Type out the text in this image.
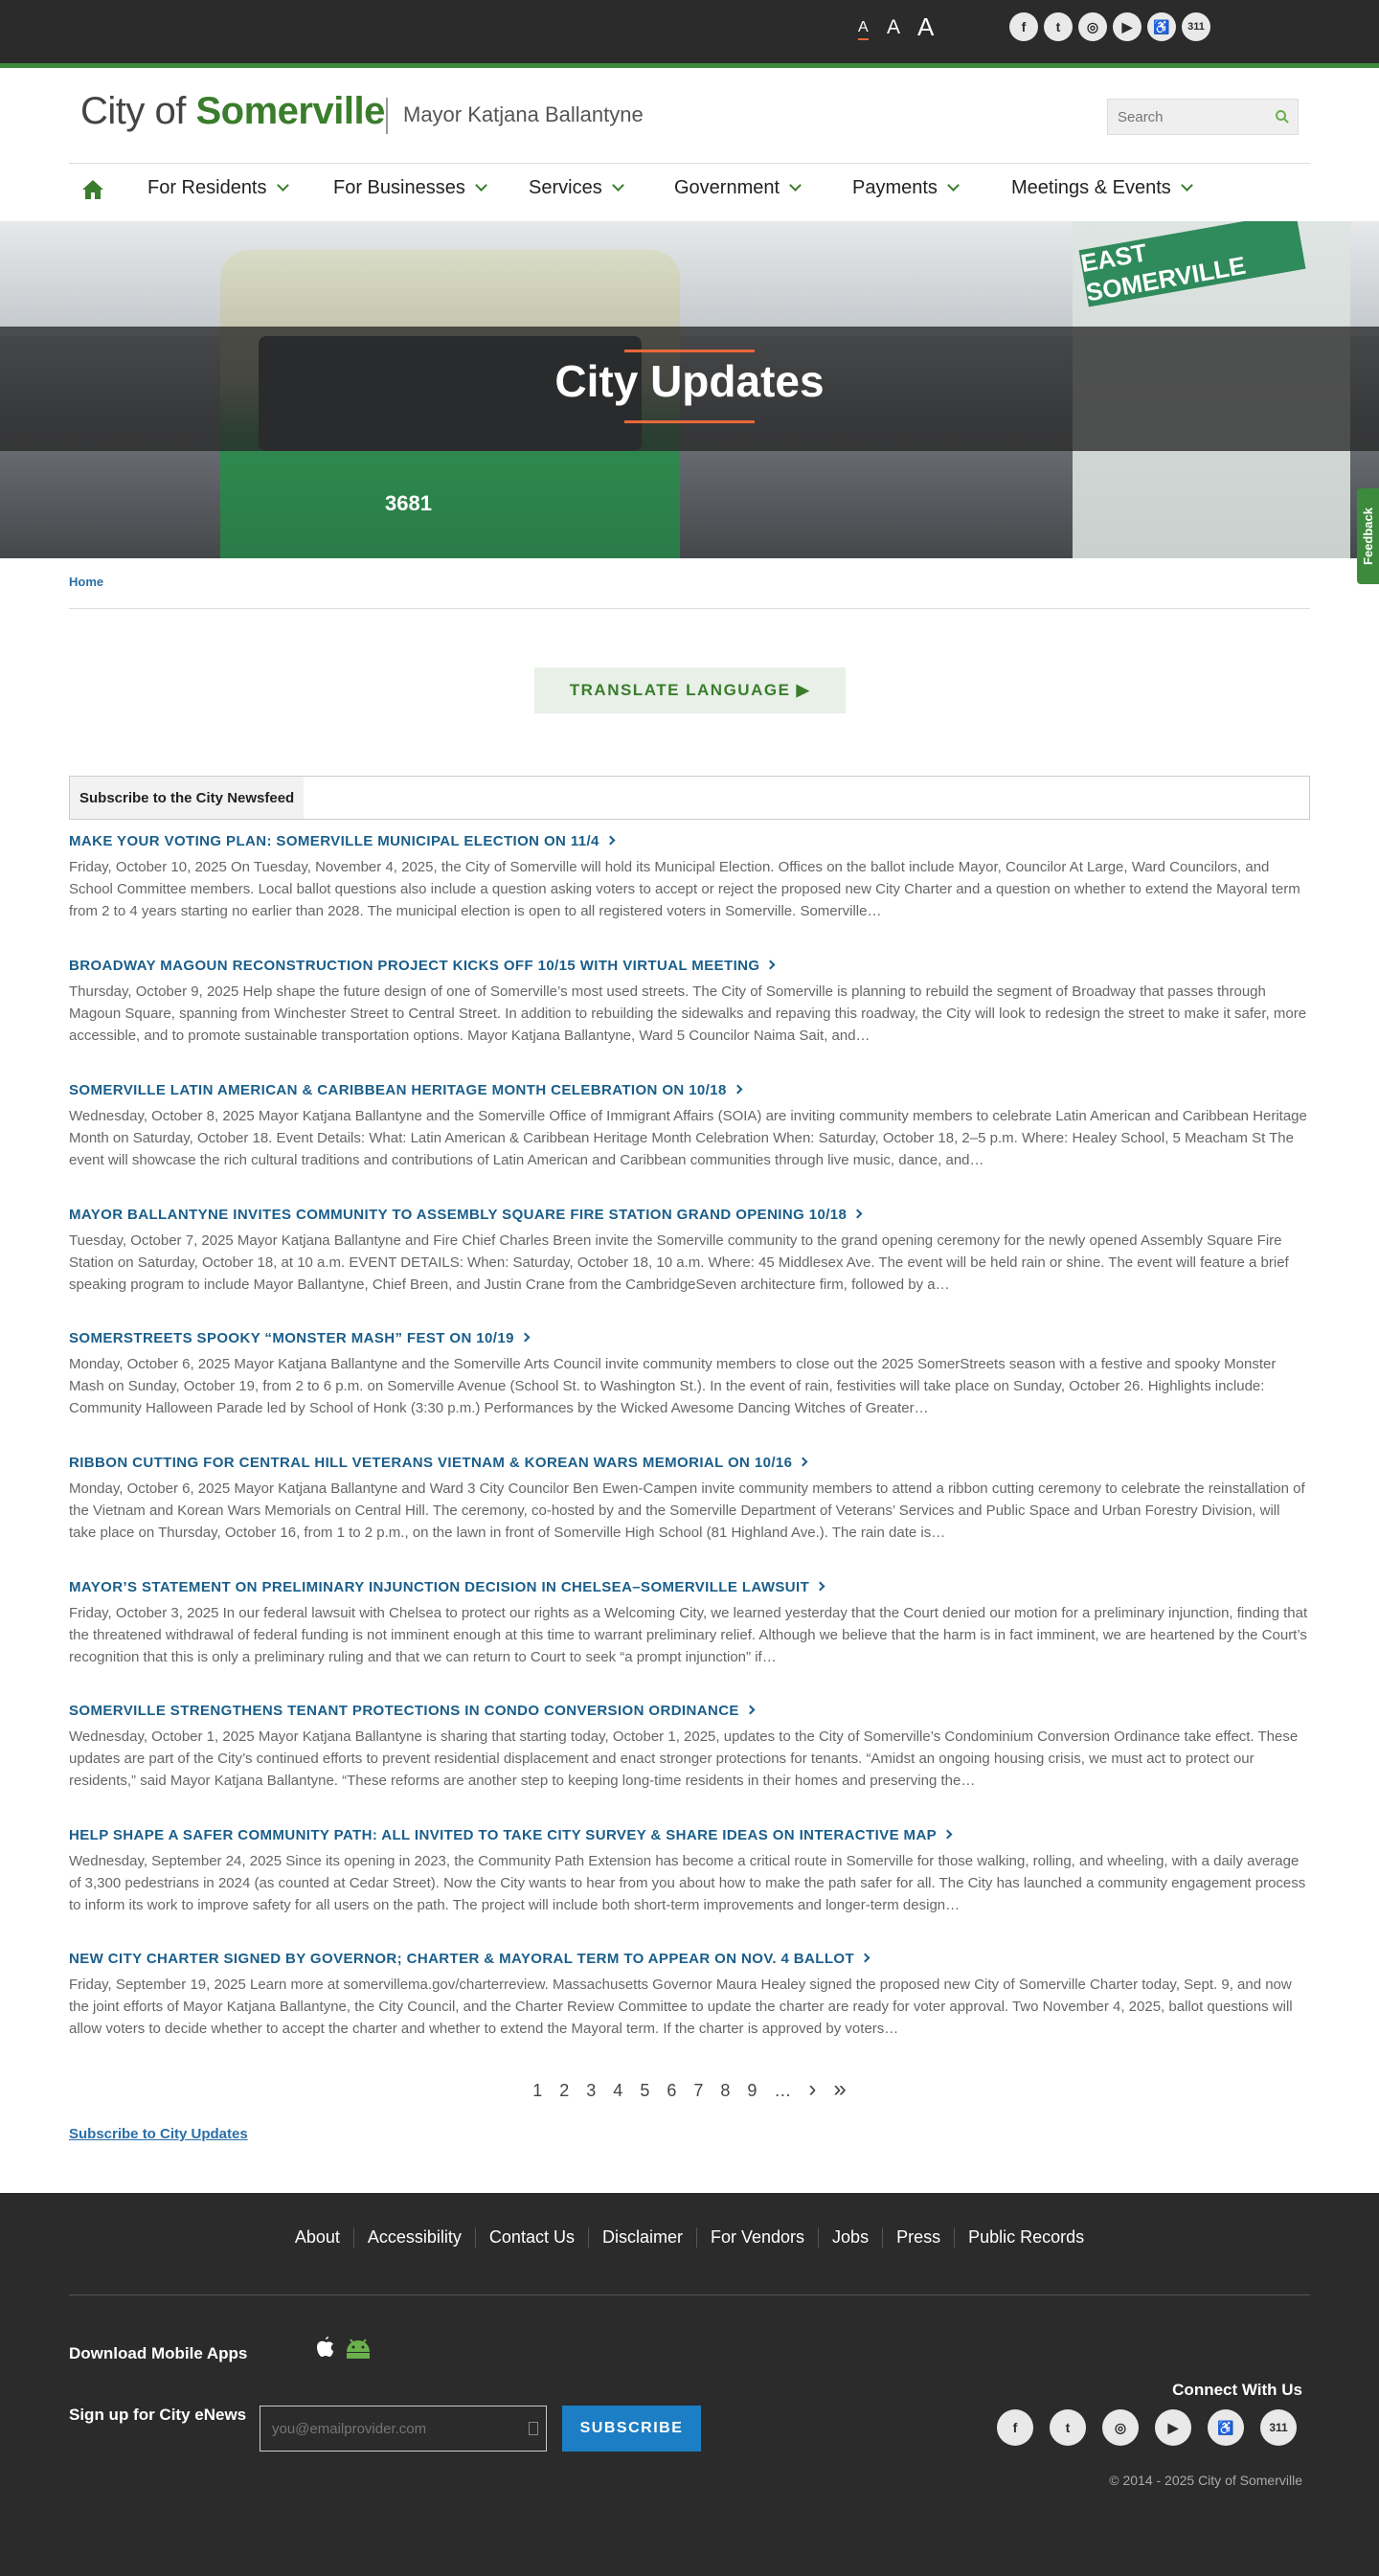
A A A	f	t	◎	▶	♿	311
City of Somerville Mayor Katjana Ballantyne
Search
For Residents	For Businesses	Services	Government	Payments	Meetings & Events
3681
EAST SOMERVILLE
City Updates
Feedback
Home
TRANSLATE LANGUAGE ▶
Subscribe to the City Newsfeed
MAKE YOUR VOTING PLAN: SOMERVILLE MUNICIPAL ELECTION ON 11/4
Friday, October 10, 2025 On Tuesday, November 4, 2025, the City of Somerville will hold its Municipal Election. Offices on the ballot include Mayor, Councilor At Large, Ward Councilors, and School Committee members. Local ballot questions also include a question asking voters to accept or reject the proposed new City Charter and a question on whether to extend the Mayoral term from 2 to 4 years starting no earlier than 2028. The municipal election is open to all registered voters in Somerville. Somerville…
BROADWAY MAGOUN RECONSTRUCTION PROJECT KICKS OFF 10/15 WITH VIRTUAL MEETING
Thursday, October 9, 2025 Help shape the future design of one of Somerville’s most used streets. The City of Somerville is planning to rebuild the segment of Broadway that passes through Magoun Square, spanning from Winchester Street to Central Street. In addition to rebuilding the sidewalks and repaving this roadway, the City will look to redesign the street to make it safer, more accessible, and to promote sustainable transportation options. Mayor Katjana Ballantyne, Ward 5 Councilor Naima Sait, and…
SOMERVILLE LATIN AMERICAN & CARIBBEAN HERITAGE MONTH CELEBRATION ON 10/18
Wednesday, October 8, 2025 Mayor Katjana Ballantyne and the Somerville Office of Immigrant Affairs (SOIA) are inviting community members to celebrate Latin American and Caribbean Heritage Month on Saturday, October 18. Event Details: What: Latin American & Caribbean Heritage Month Celebration When: Saturday, October 18, 2–5 p.m. Where: Healey School, 5 Meacham St The event will showcase the rich cultural traditions and contributions of Latin American and Caribbean communities through live music, dance, and…
MAYOR BALLANTYNE INVITES COMMUNITY TO ASSEMBLY SQUARE FIRE STATION GRAND OPENING 10/18
Tuesday, October 7, 2025 Mayor Katjana Ballantyne and Fire Chief Charles Breen invite the Somerville community to the grand opening ceremony for the newly opened Assembly Square Fire Station on Saturday, October 18, at 10 a.m. EVENT DETAILS: When: Saturday, October 18, 10 a.m. Where: 45 Middlesex Ave. The event will be held rain or shine. The event will feature a brief speaking program to include Mayor Ballantyne, Chief Breen, and Justin Crane from the CambridgeSeven architecture firm, followed by a…
SOMERSTREETS SPOOKY “MONSTER MASH” FEST ON 10/19
Monday, October 6, 2025 Mayor Katjana Ballantyne and the Somerville Arts Council invite community members to close out the 2025 SomerStreets season with a festive and spooky Monster Mash on Sunday, October 19, from 2 to 6 p.m. on Somerville Avenue (School St. to Washington St.). In the event of rain, festivities will take place on Sunday, October 26. Highlights include: Community Halloween Parade led by School of Honk (3:30 p.m.) Performances by the Wicked Awesome Dancing Witches of Greater…
RIBBON CUTTING FOR CENTRAL HILL VETERANS VIETNAM & KOREAN WARS MEMORIAL ON 10/16
Monday, October 6, 2025 Mayor Katjana Ballantyne and Ward 3 City Councilor Ben Ewen-Campen invite community members to attend a ribbon cutting ceremony to celebrate the reinstallation of the Vietnam and Korean Wars Memorials on Central Hill. The ceremony, co-hosted by and the Somerville Department of Veterans’ Services and Public Space and Urban Forestry Division, will take place on Thursday, October 16, from 1 to 2 p.m., on the lawn in front of Somerville High School (81 Highland Ave.). The rain date is…
MAYOR’S STATEMENT ON PRELIMINARY INJUNCTION DECISION IN CHELSEA–SOMERVILLE LAWSUIT
Friday, October 3, 2025 In our federal lawsuit with Chelsea to protect our rights as a Welcoming City, we learned yesterday that the Court denied our motion for a preliminary injunction, finding that the threatened withdrawal of federal funding is not imminent enough at this time to warrant preliminary relief. Although we believe that the harm is in fact imminent, we are heartened by the Court’s recognition that this is only a preliminary ruling and that we can return to Court to seek “a prompt injunction” if…
SOMERVILLE STRENGTHENS TENANT PROTECTIONS IN CONDO CONVERSION ORDINANCE
Wednesday, October 1, 2025 Mayor Katjana Ballantyne is sharing that starting today, October 1, 2025, updates to the City of Somerville’s Condominium Conversion Ordinance take effect. These updates are part of the City’s continued efforts to prevent residential displacement and enact stronger protections for tenants. “Amidst an ongoing housing crisis, we must act to protect our residents,” said Mayor Katjana Ballantyne. “These reforms are another step to keeping long-time residents in their homes and preserving the…
HELP SHAPE A SAFER COMMUNITY PATH: ALL INVITED TO TAKE CITY SURVEY & SHARE IDEAS ON INTERACTIVE MAP
Wednesday, September 24, 2025 Since its opening in 2023, the Community Path Extension has become a critical route in Somerville for those walking, rolling, and wheeling, with a daily average of 3,300 pedestrians in 2024 (as counted at Cedar Street). Now the City wants to hear from you about how to make the path safer for all. The City has launched a community engagement process to inform its work to improve safety for all users on the path. The project will include both short-term improvements and longer-term design…
NEW CITY CHARTER SIGNED BY GOVERNOR; CHARTER & MAYORAL TERM TO APPEAR ON NOV. 4 BALLOT
Friday, September 19, 2025 Learn more at somervillema.gov/charterreview. Massachusetts Governor Maura Healey signed the proposed new City of Somerville Charter today, Sept. 9, and now the joint efforts of Mayor Katjana Ballantyne, the City Council, and the Charter Review Committee to update the charter are ready for voter approval. Two November 4, 2025, ballot questions will allow voters to decide whether to accept the charter and whether to extend the Mayoral term. If the charter is approved by voters…
1 2 3 4 5 6 7 8 9 … › »
Subscribe to City Updates
About	Accessibility	Contact Us	Disclaimer	For Vendors	Jobs	Press	Public Records
Download Mobile Apps
Sign up for City eNews
you@emailprovider.com
SUBSCRIBE
Connect With Us
f	t	◎	▶	♿	311
© 2014 - 2025 City of Somerville
